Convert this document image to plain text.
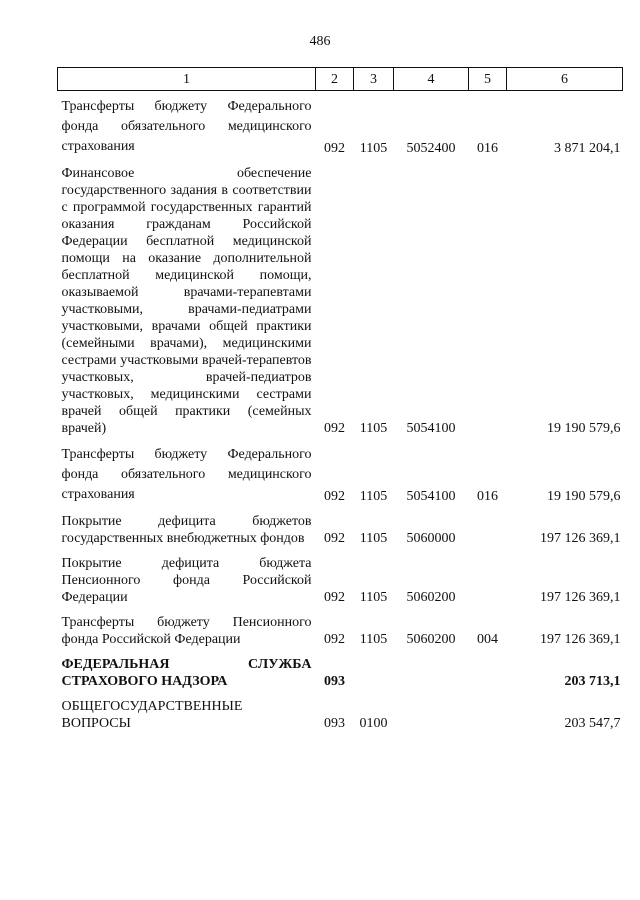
486
1	2	3	4	5	6
Трансферты бюджету Федерального фонда обязательного медицинского страхования	092	1105	5052400	016	3 871 204,1
Финансовое обеспечение государственного задания в соответствии с программой государственных гарантий оказания гражданам Российской Федерации бесплатной медицинской помощи на оказание дополнительной бесплатной медицинской помощи, оказываемой врачами-терапевтами участковыми, врачами-педиатрами участковыми, врачами общей практики (семейными врачами), медицинскими сестрами участковыми врачей-терапевтов участковых, врачей-педиатров участковых, медицинскими сестрами врачей общей практики (семейных врачей)	092	1105	5054100		19 190 579,6
Трансферты бюджету Федерального фонда обязательного медицинского страхования	092	1105	5054100	016	19 190 579,6
Покрытие дефицита бюджетов государственных внебюджетных фондов	092	1105	5060000		197 126 369,1
Покрытие дефицита бюджета Пенсионного фонда Российской Федерации	092	1105	5060200		197 126 369,1
Трансферты бюджету Пенсионного фонда Российской Федерации	092	1105	5060200	004	197 126 369,1
ФЕДЕРАЛЬНАЯ СЛУЖБА СТРАХОВОГО НАДЗОРА	093				203 713,1
ОБЩЕГОСУДАРСТВЕННЫЕ ВОПРОСЫ	093	0100			203 547,7
